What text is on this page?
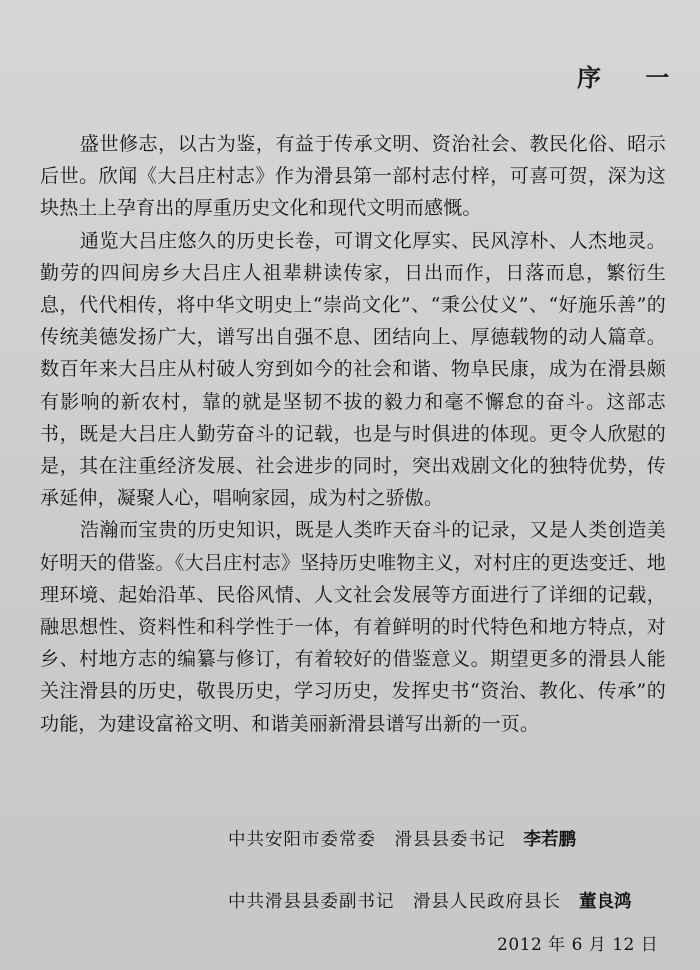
序 一

盛世修志，以古为鉴，有益于传承文明、资治社会、教民化俗、昭示后世。欣闻《大吕庄村志》作为滑县第一部村志付梓，可喜可贺，深为这块热土上孕育出的厚重历史文化和现代文明而感慨。

通览大吕庄悠久的历史长卷，可谓文化厚实、民风淳朴、人杰地灵。勤劳的四间房乡大吕庄人祖辈耕读传家，日出而作，日落而息，繁衍生息，代代相传，将中华文明史上“崇尚文化”、“秉公仗义”、“好施乐善”的传统美德发扬广大，谱写出自强不息、团结向上、厚德载物的动人篇章。数百年来大吕庄从村破人穷到如今的社会和谐、物阜民康，成为在滑县颇有影响的新农村，靠的就是坚韧不拔的毅力和毫不懈怠的奋斗。这部志书，既是大吕庄人勤劳奋斗的记载，也是与时俱进的体现。更令人欣慰的是，其在注重经济发展、社会进步的同时，突出戏剧文化的独特优势，传承延伸，凝聚人心，唱响家园，成为村之骄傲。

浩瀚而宝贵的历史知识，既是人类昨天奋斗的记录，又是人类创造美好明天的借鉴。《大吕庄村志》坚持历史唯物主义，对村庄的更迭变迁、地理环境、起始沿革、民俗风情、人文社会发展等方面进行了详细的记载，融思想性、资料性和科学性于一体，有着鲜明的时代特色和地方特点，对乡、村地方志的编纂与修订，有着较好的借鉴意义。期望更多的滑县人能关注滑县的历史，敬畏历史，学习历史，发挥史书“资治、教化、传承”的功能，为建设富裕文明、和谐美丽新滑县谱写出新的一页。

中共安阳市委常委　滑县县委书记 李若鹏
中共滑县县委副书记　滑县人民政府县长 董良鸿
2012 年 6 月 12 日
